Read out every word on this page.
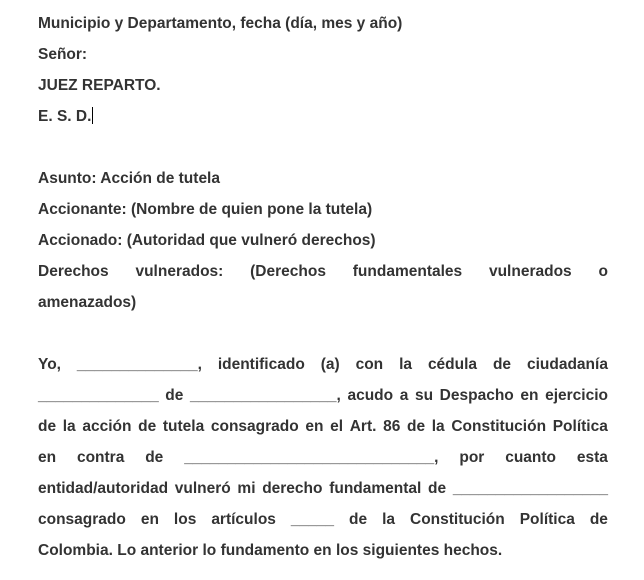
Municipio y Departamento, fecha (día, mes y año)
Señor:
JUEZ REPARTO.
E. S. D.
Asunto: Acción de tutela
Accionante: (Nombre de quien pone la tutela)
Accionado: (Autoridad que vulneró derechos)
Derechos vulnerados: (Derechos fundamentales vulnerados o
amenazados)
Yo, ______________, identificado (a) con la cédula de ciudadanía
______________ de _________________, acudo a su Despacho en ejercicio
de la acción de tutela consagrado en el Art. 86 de la Constitución Política
en contra de _____________________________, por cuanto esta
entidad/autoridad vulneró mi derecho fundamental de __________________
consagrado en los artículos _____ de la Constitución Política de
Colombia. Lo anterior lo fundamento en los siguientes hechos.
